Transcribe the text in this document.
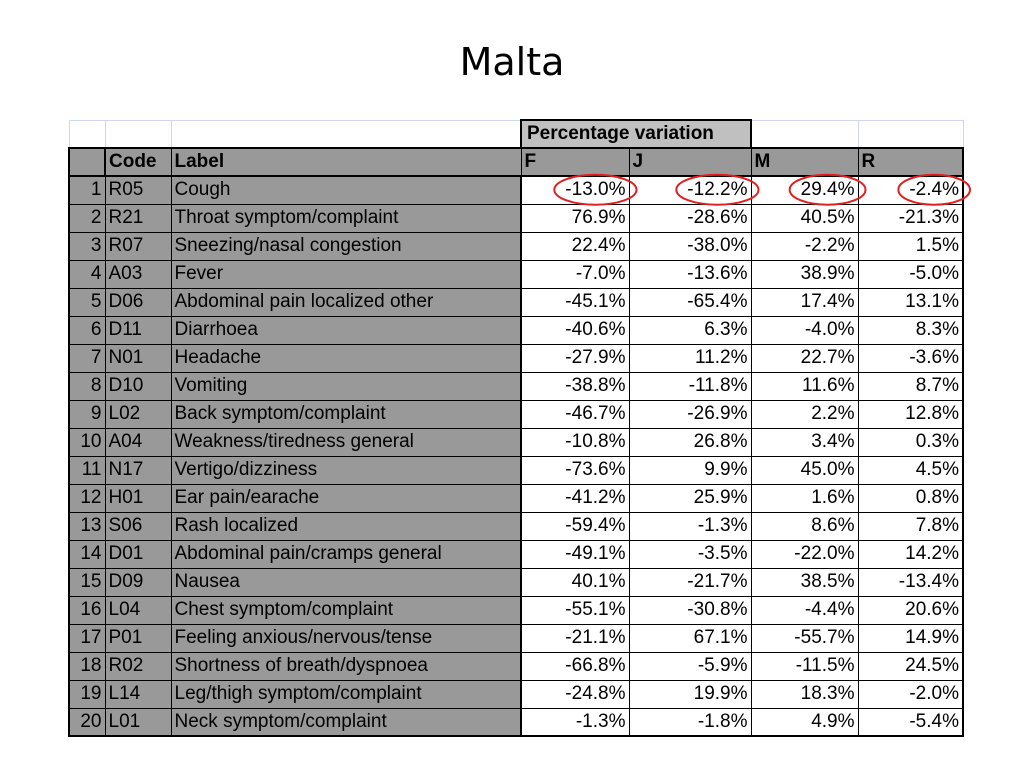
Malta
			Percentage variation			
	Code	Label	F	J	M	R
1	R05	Cough	-13.0%	-12.2%	29.4%	-2.4%
2	R21	Throat symptom/complaint	76.9%	-28.6%	40.5%	-21.3%
3	R07	Sneezing/nasal congestion	22.4%	-38.0%	-2.2%	1.5%
4	A03	Fever	-7.0%	-13.6%	38.9%	-5.0%
5	D06	Abdominal pain localized other	-45.1%	-65.4%	17.4%	13.1%
6	D11	Diarrhoea	-40.6%	6.3%	-4.0%	8.3%
7	N01	Headache	-27.9%	11.2%	22.7%	-3.6%
8	D10	Vomiting	-38.8%	-11.8%	11.6%	8.7%
9	L02	Back symptom/complaint	-46.7%	-26.9%	2.2%	12.8%
10	A04	Weakness/tiredness general	-10.8%	26.8%	3.4%	0.3%
11	N17	Vertigo/dizziness	-73.6%	9.9%	45.0%	4.5%
12	H01	Ear pain/earache	-41.2%	25.9%	1.6%	0.8%
13	S06	Rash localized	-59.4%	-1.3%	8.6%	7.8%
14	D01	Abdominal pain/cramps general	-49.1%	-3.5%	-22.0%	14.2%
15	D09	Nausea	40.1%	-21.7%	38.5%	-13.4%
16	L04	Chest symptom/complaint	-55.1%	-30.8%	-4.4%	20.6%
17	P01	Feeling anxious/nervous/tense	-21.1%	67.1%	-55.7%	14.9%
18	R02	Shortness of breath/dyspnoea	-66.8%	-5.9%	-11.5%	24.5%
19	L14	Leg/thigh symptom/complaint	-24.8%	19.9%	18.3%	-2.0%
20	L01	Neck symptom/complaint	-1.3%	-1.8%	4.9%	-5.4%
